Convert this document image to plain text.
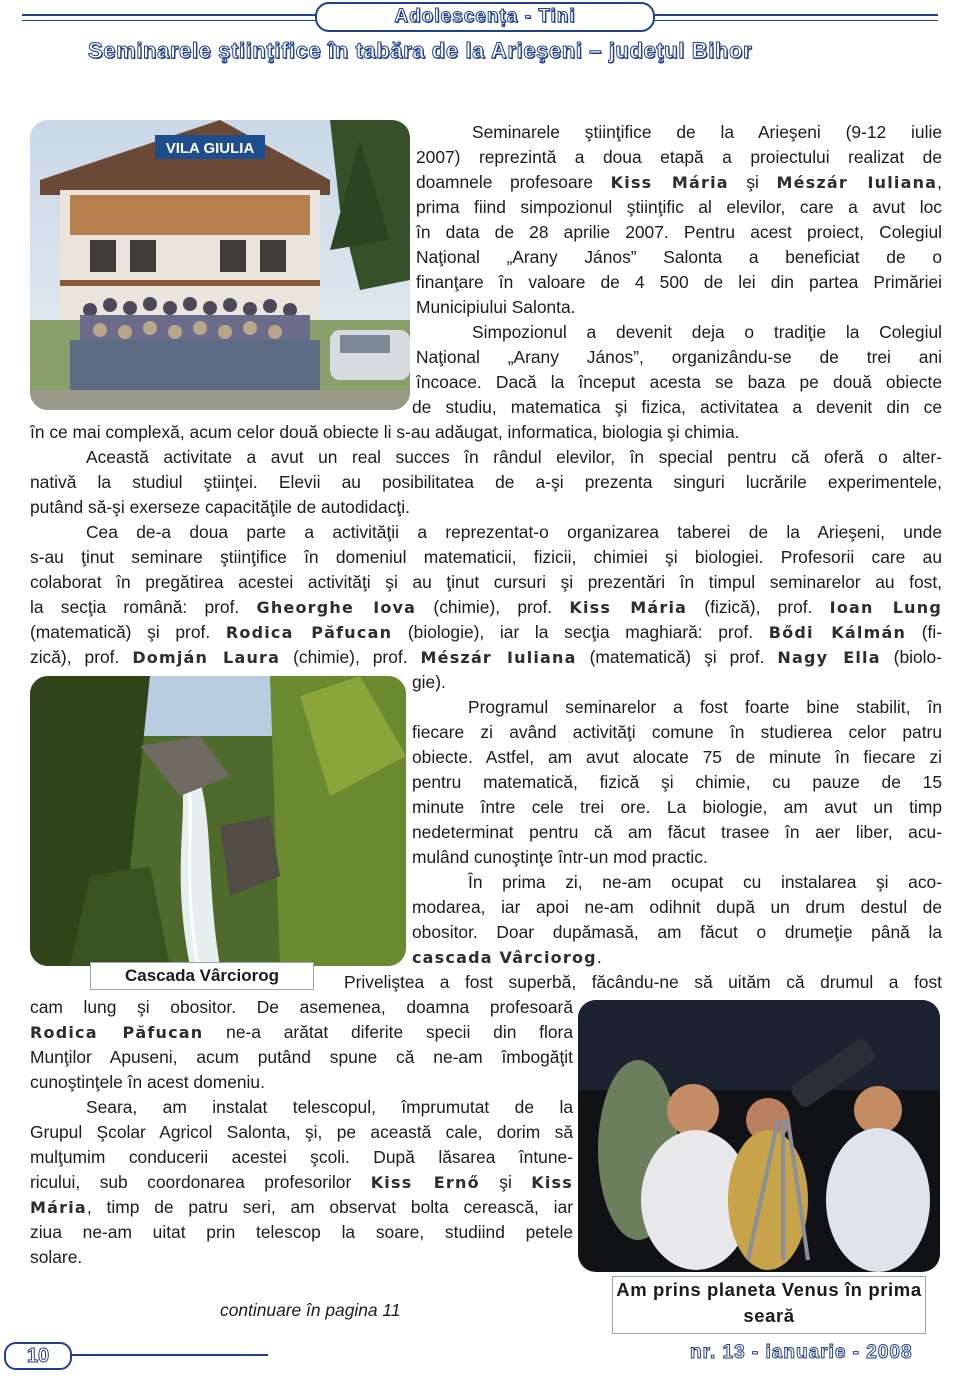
Adolescența - Tini
Seminarele ştiinţifice în tabăra de la Arieşeni – judeţul Bihor
VILA GIULIA
Seminarele ştiinţifice de la Arieşeni (9-12 iulie
2007) reprezintă a doua etapă a proiectului realizat de
doamnele profesoare Kiss Mária şi Mészár Iuliana,
prima fiind simpozionul ştiinţific al elevilor, care a avut loc
în data de 28 aprilie 2007. Pentru acest proiect, Colegiul
Naţional „Arany János” Salonta a beneficiat de o
finanţare în valoare de 4 500 de lei din partea Primăriei
Municipiului Salonta.
Simpozionul a devenit deja o tradiţie la Colegiul
Naţional „Arany János”, organizându-se de trei ani
încoace. Dacă la început acesta se baza pe două obiecte
de studiu, matematica şi fizica, activitatea a devenit din ce
în ce mai complexă, acum celor două obiecte li s-au adăugat, informatica, biologia şi chimia.
Această activitate a avut un real succes în rândul elevilor, în special pentru că oferă o alter-
nativă la studiul ştiinţei. Elevii au posibilitatea de a-şi prezenta singuri lucrările experimentele,
putând să-şi exerseze capacităţile de autodidacţi.
Cea de-a doua parte a activităţii a reprezentat-o organizarea taberei de la Arieşeni, unde
s-au ţinut seminare ştiinţifice în domeniul matematicii, fizicii, chimiei şi biologiei. Profesorii care au
colaborat în pregătirea acestei activităţi şi au ţinut cursuri şi prezentări în timpul seminarelor au fost,
la secţia română: prof. Gheorghe Iova (chimie), prof. Kiss Mária (fizică), prof. Ioan Lung
(matematică) şi prof. Rodica Păfucan (biologie), iar la secţia maghiară: prof. Bődi Kálmán (fi-
zică), prof. Domján Laura (chimie), prof. Mészár Iuliana (matematică) şi prof. Nagy Ella (biolo-
gie).
Cascada Vârciorog
Programul seminarelor a fost foarte bine stabilit, în
fiecare zi având activităţi comune în studierea celor patru
obiecte. Astfel, am avut alocate 75 de minute în fiecare zi
pentru matematică, fizică şi chimie, cu pauze de 15
minute între cele trei ore. La biologie, am avut un timp
nedeterminat pentru că am făcut trasee în aer liber, acu-
mulând cunoştinţe într-un mod practic.
În prima zi, ne-am ocupat cu instalarea şi aco-
modarea, iar apoi ne-am odihnit după un drum destul de
obositor. Doar dupămasă, am făcut o drumeţie până la
cascada Vârciorog.
Priveliştea a fost superbă, făcându-ne să uităm că drumul a fost
cam lung şi obositor. De asemenea, doamna profesoară
Rodica Păfucan ne-a arătat diferite specii din flora
Munţilor Apuseni, acum putând spune că ne-am îmbogăţit
cunoştinţele în acest domeniu.
Seara, am instalat telescopul, împrumutat de la
Grupul Şcolar Agricol Salonta, şi, pe această cale, dorim să
mulţumim conducerii acestei şcoli. După lăsarea întune-
ricului, sub coordonarea profesorilor Kiss Ernő şi Kiss
Mária, timp de patru seri, am observat bolta cerească, iar
ziua ne-am uitat prin telescop la soare, studiind petele
solare.
Am prins planeta Venus în prima seară
continuare în pagina 11
10	nr. 13 - ianuarie - 2008
